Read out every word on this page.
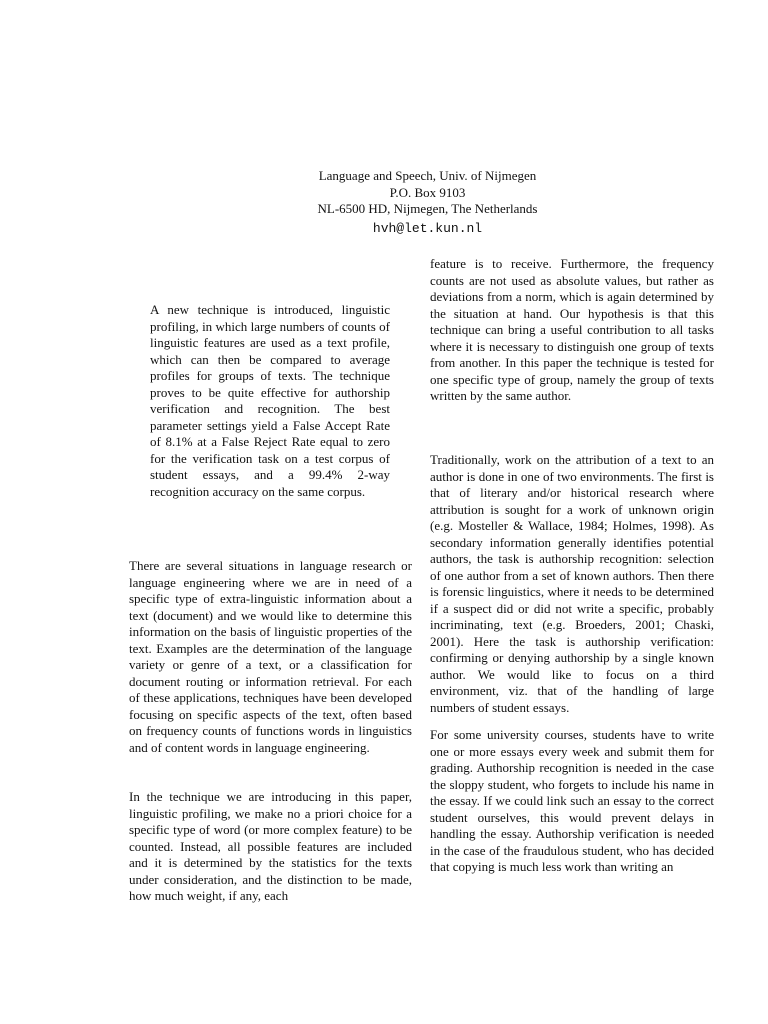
Language and Speech, Univ. of Nijmegen
P.O. Box 9103
NL-6500 HD, Nijmegen, The Netherlands
hvh@let.kun.nl

A new technique is introduced, linguistic profiling, in which large numbers of counts of linguistic features are used as a text profile, which can then be compared to average profiles for groups of texts. The technique proves to be quite effective for authorship verification and recognition. The best parameter settings yield a False Accept Rate of 8.1% at a False Reject Rate equal to zero for the verification task on a test corpus of student essays, and a 99.4% 2-way recognition accuracy on the same corpus.

There are several situations in language research or language engineering where we are in need of a specific type of extra-linguistic information about a text (document) and we would like to determine this information on the basis of linguistic properties of the text. Examples are the determination of the language variety or genre of a text, or a classification for document routing or information retrieval. For each of these applications, techniques have been developed focusing on specific aspects of the text, often based on frequency counts of functions words in linguistics and of content words in language engineering.

In the technique we are introducing in this paper, linguistic profiling, we make no a priori choice for a specific type of word (or more complex feature) to be counted. Instead, all possible features are included and it is determined by the statistics for the texts under consideration, and the distinction to be made, how much weight, if any, each

feature is to receive. Furthermore, the frequency counts are not used as absolute values, but rather as deviations from a norm, which is again determined by the situation at hand. Our hypothesis is that this technique can bring a useful contribution to all tasks where it is necessary to distinguish one group of texts from another. In this paper the technique is tested for one specific type of group, namely the group of texts written by the same author.

Traditionally, work on the attribution of a text to an author is done in one of two environments. The first is that of literary and/or historical research where attribution is sought for a work of unknown origin (e.g. Mosteller & Wallace, 1984; Holmes, 1998). As secondary information generally identifies potential authors, the task is authorship recognition: selection of one author from a set of known authors. Then there is forensic linguistics, where it needs to be determined if a suspect did or did not write a specific, probably incriminating, text (e.g. Broeders, 2001; Chaski, 2001). Here the task is authorship verification: confirming or denying authorship by a single known author. We would like to focus on a third environment, viz. that of the handling of large numbers of student essays.

For some university courses, students have to write one or more essays every week and submit them for grading. Authorship recognition is needed in the case the sloppy student, who forgets to include his name in the essay. If we could link such an essay to the correct student ourselves, this would prevent delays in handling the essay. Authorship verification is needed in the case of the fraudulous student, who has decided that copying is much less work than writing an
